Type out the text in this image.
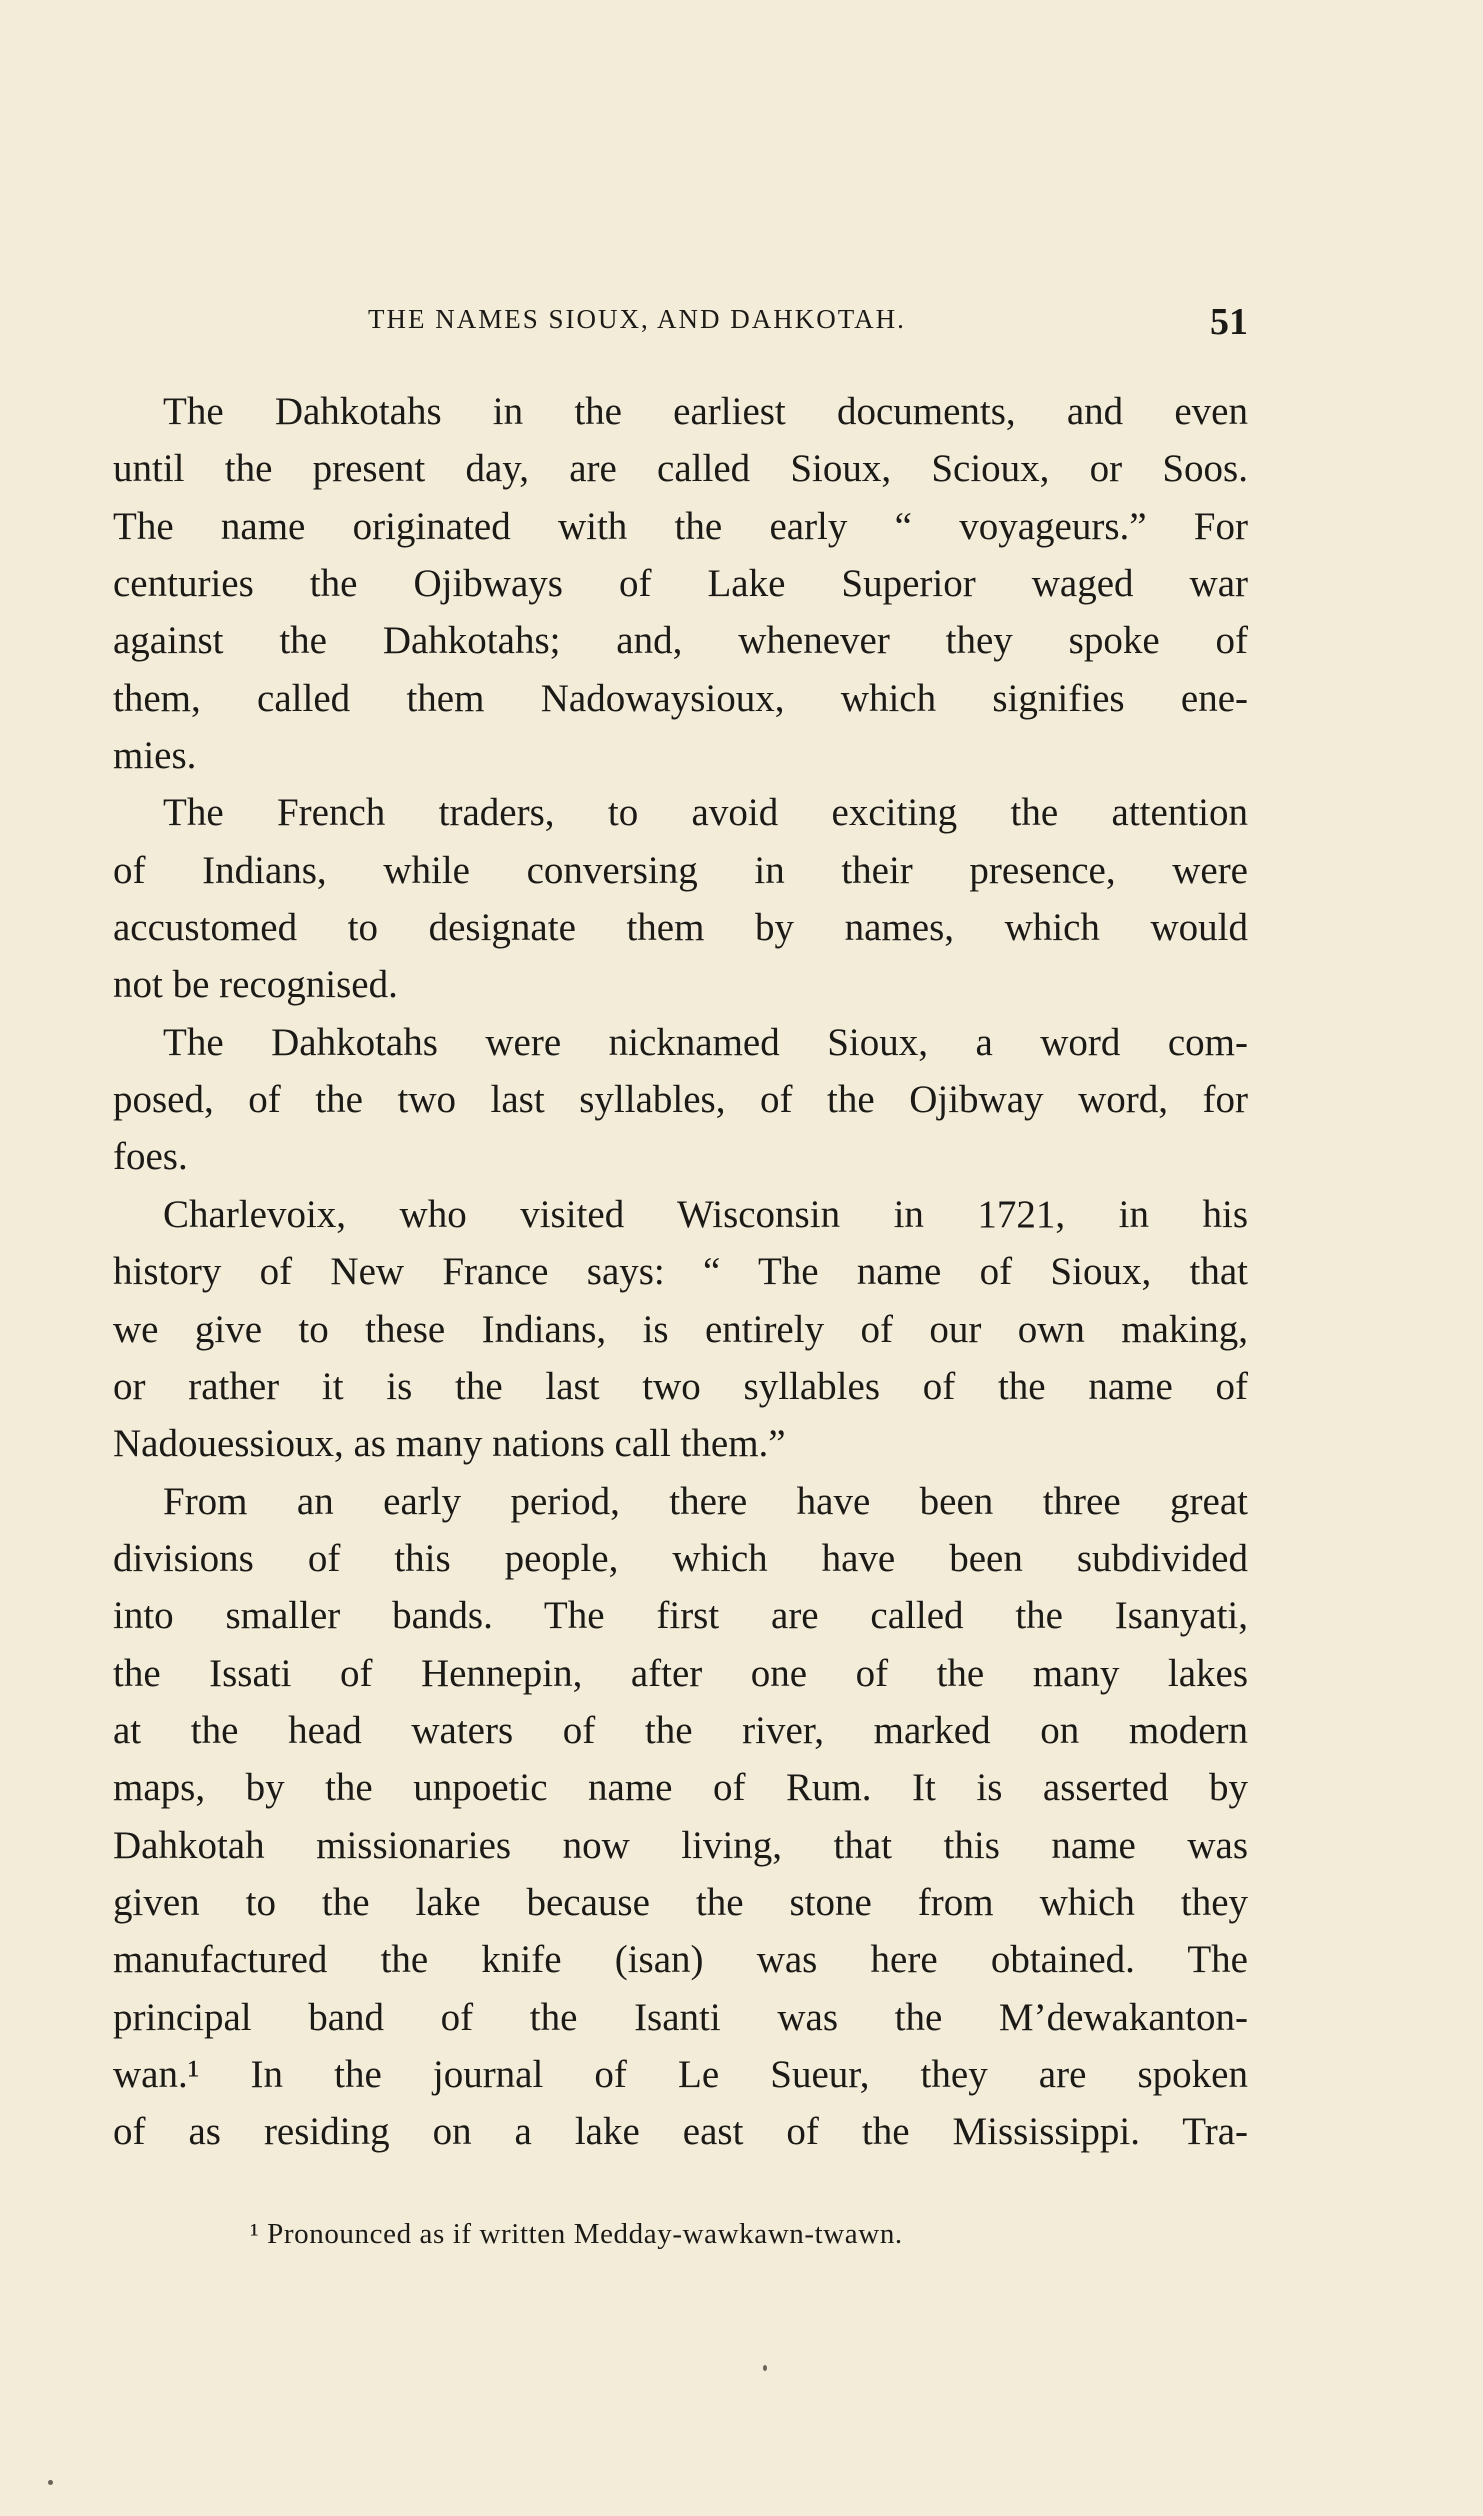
THE NAMES SIOUX, AND DAHKOTAH.	51
The Dahkotahs in the earliest documents, and even
until the present day, are called Sioux, Scioux, or Soos.
The name originated with the early “ voyageurs.” For
centuries the Ojibways of Lake Superior waged war
against the Dahkotahs; and, whenever they spoke of
them, called them Nadowaysioux, which signifies ene-
mies.
The French traders, to avoid exciting the attention
of Indians, while conversing in their presence, were
accustomed to designate them by names, which would
not be recognised.
The Dahkotahs were nicknamed Sioux, a word com-
posed, of the two last syllables, of the Ojibway word, for
foes.
Charlevoix, who visited Wisconsin in 1721, in his
history of New France says: “ The name of Sioux, that
we give to these Indians, is entirely of our own making,
or rather it is the last two syllables of the name of
Nadouessioux, as many nations call them.”
From an early period, there have been three great
divisions of this people, which have been subdivided
into smaller bands. The first are called the Isanyati,
the Issati of Hennepin, after one of the many lakes
at the head waters of the river, marked on modern
maps, by the unpoetic name of Rum. It is asserted by
Dahkotah missionaries now living, that this name was
given to the lake because the stone from which they
manufactured the knife (isan) was here obtained. The
principal band of the Isanti was the M’dewakanton-
wan.¹ In the journal of Le Sueur, they are spoken
of as residing on a lake east of the Mississippi. Tra-
¹ Pronounced as if written Medday-wawkawn-twawn.
